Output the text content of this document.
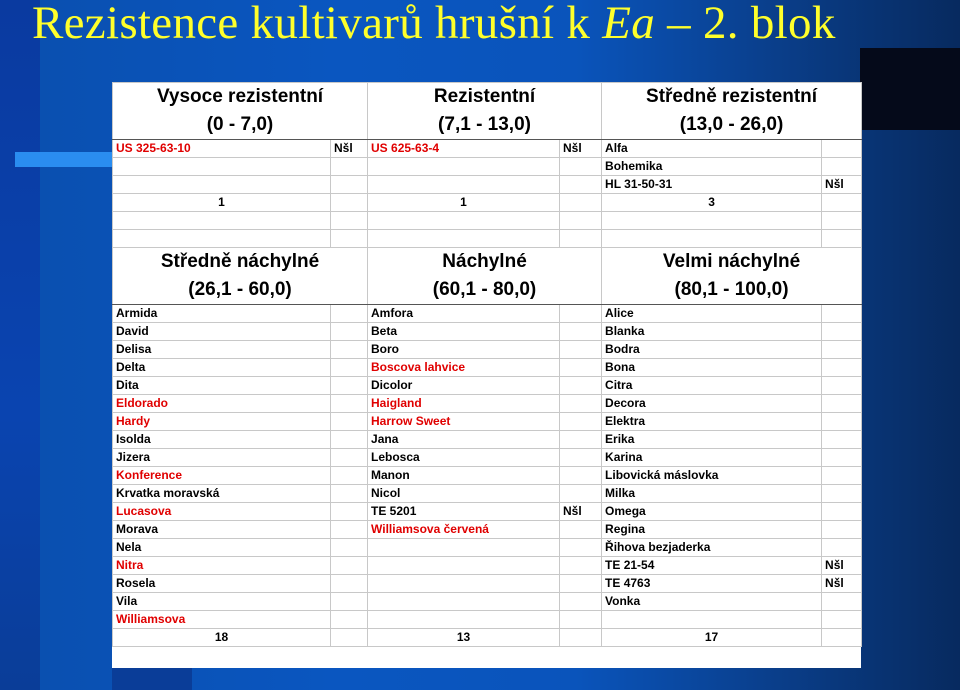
Rezistence kultivarů hrušní k Ea – 2. blok
Vysoce rezistentní		Rezistentní		Středně rezistentní	
(0 - 7,0)		(7,1 - 13,0)		(13,0 - 26,0)	
US 325-63-10	Nšl	US 625-63-4	Nšl	Alfa	
				Bohemika	
				HL 31-50-31	Nšl
1		1		3	

Středně náchylné		Náchylné		Velmi náchylné	
(26,1 - 60,0)		(60,1 - 80,0)		(80,1 - 100,0)	
Armida		Amfora		Alice	
David		Beta		Blanka	
Delisa		Boro		Bodra	
Delta		Boscova lahvice		Bona	
Dita		Dicolor		Citra	
Eldorado		Haigland		Decora	
Hardy		Harrow Sweet		Elektra	
Isolda		Jana		Erika	
Jizera		Lebosca		Karina	
Konference		Manon		Libovická máslovka	
Krvatka moravská		Nicol		Milka	
Lucasova		TE 5201	Nšl	Omega	
Morava		Williamsova červená		Regina	
Nela				Řihova bezjaderka	
Nitra				TE 21-54	Nšl
Rosela				TE 4763	Nšl
Vila				Vonka	
Williamsova					
18		13		17	
